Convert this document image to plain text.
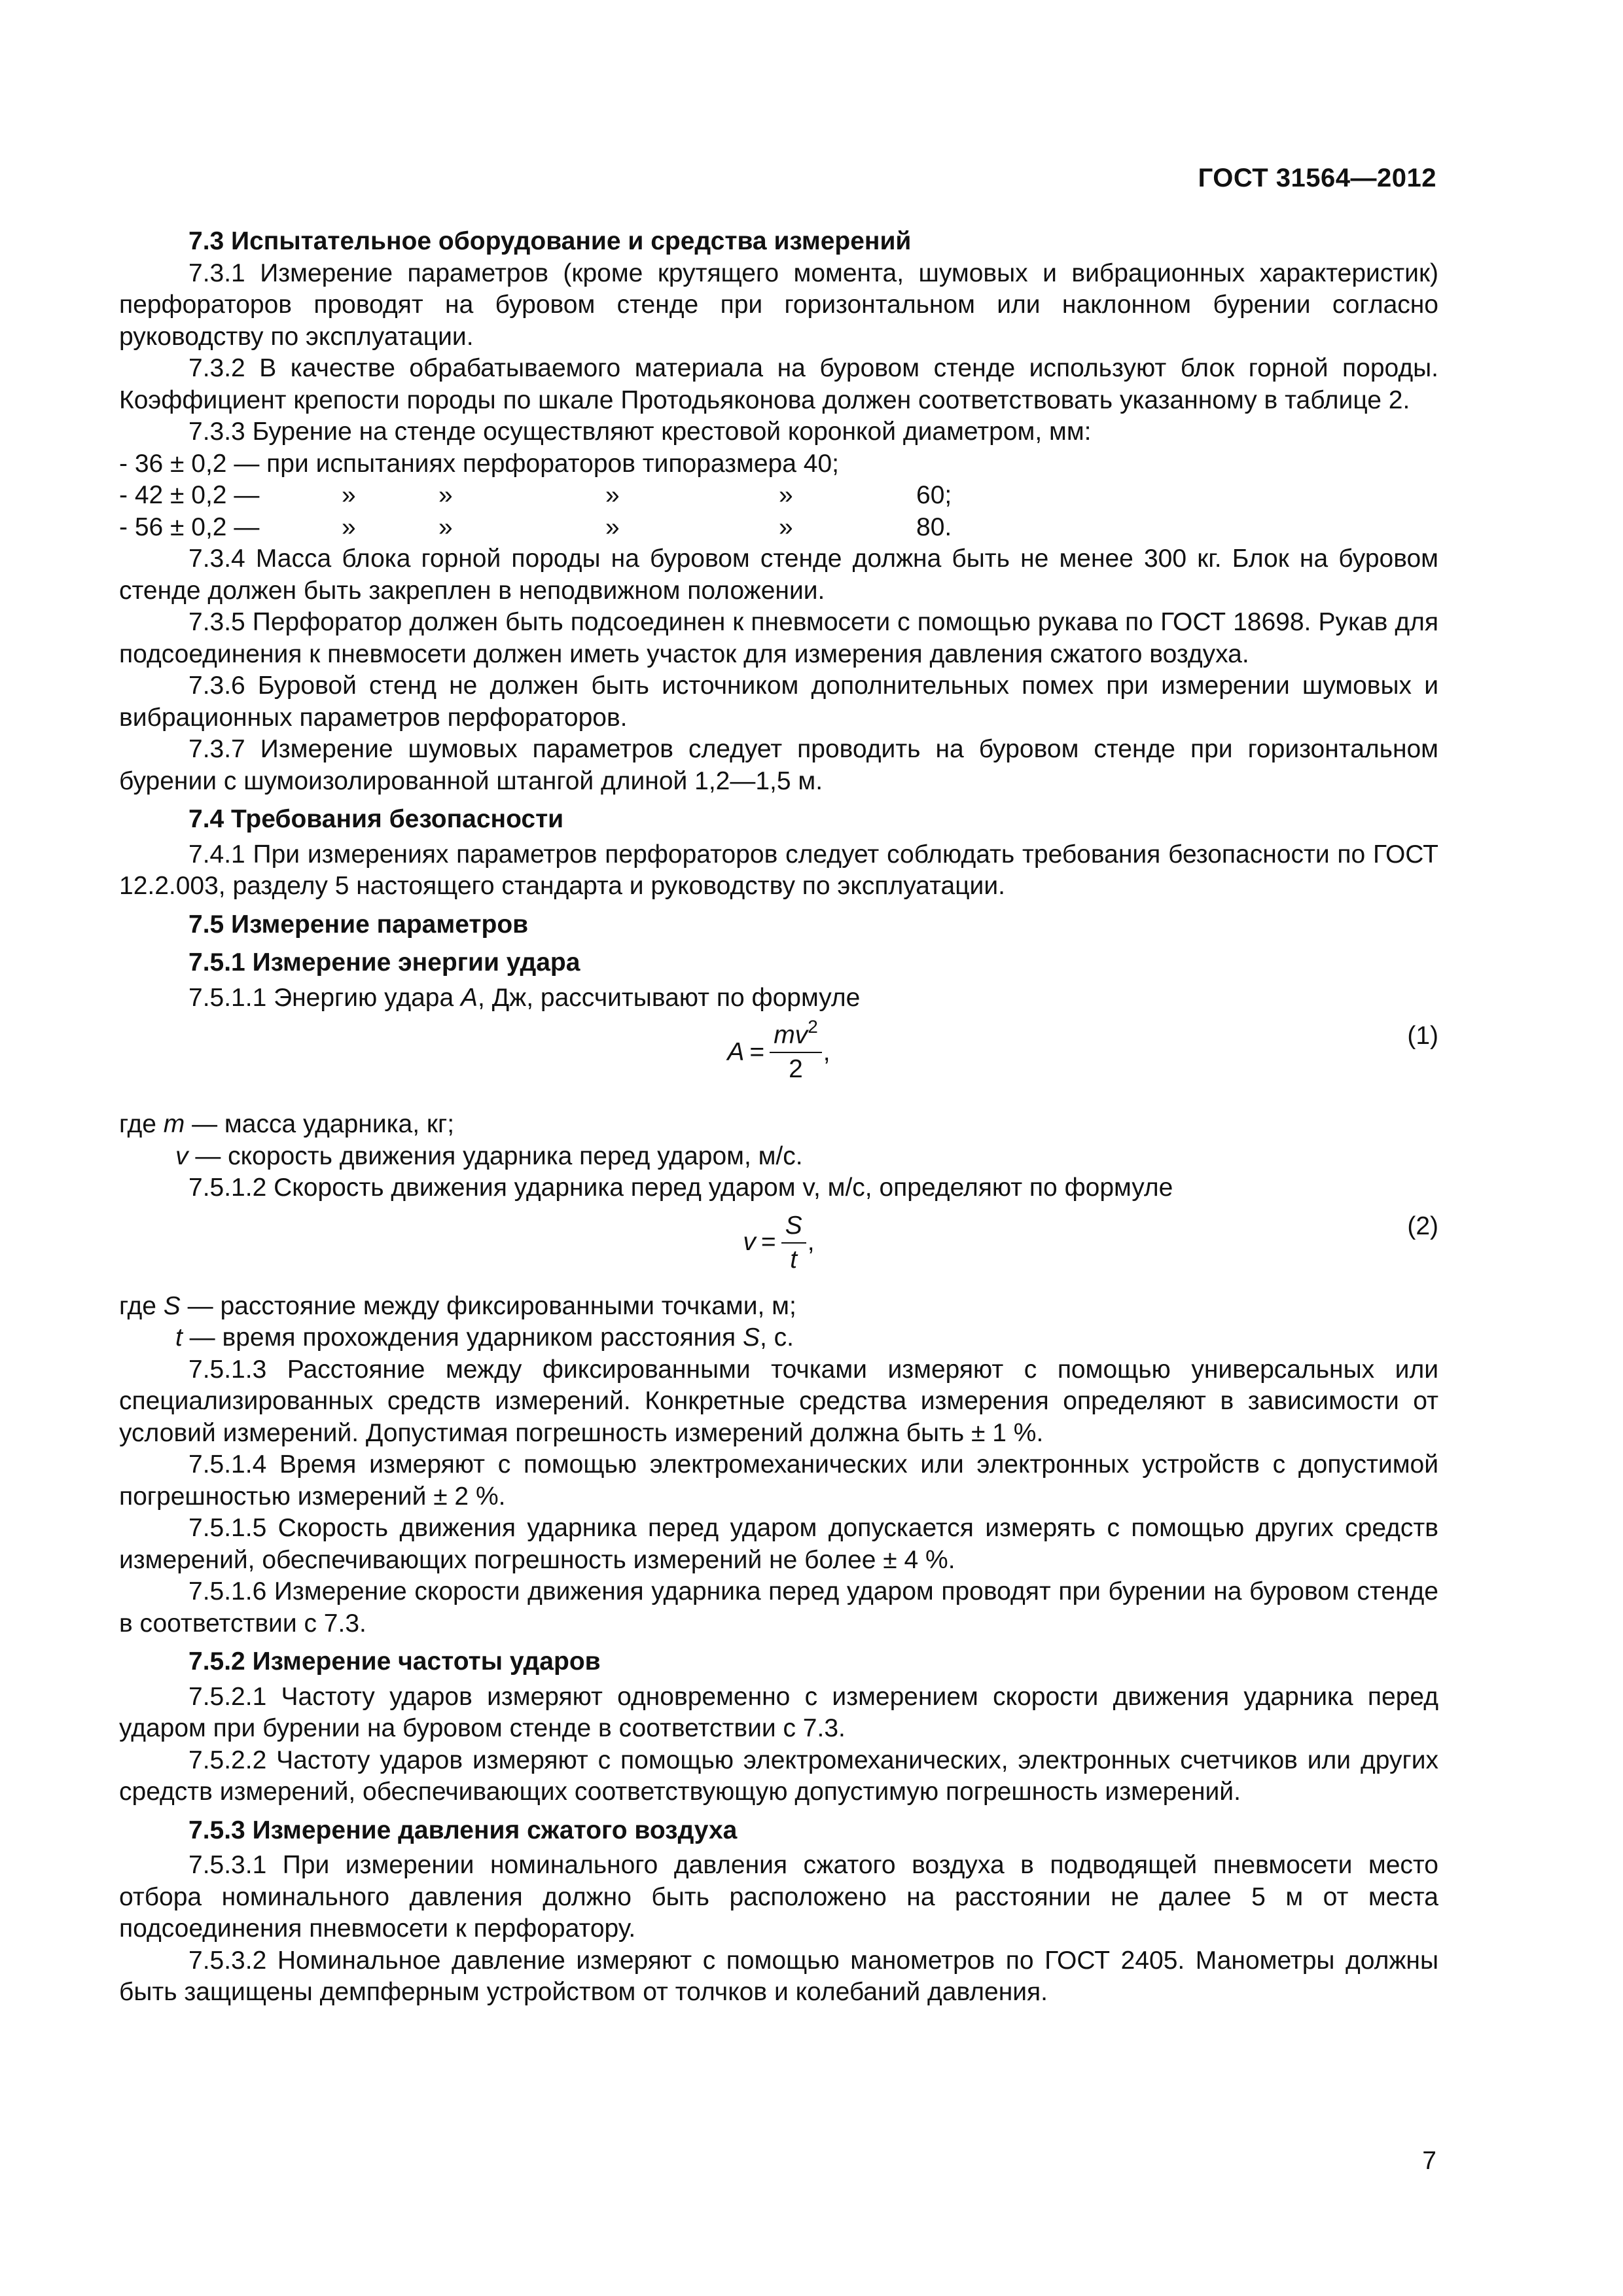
ГОСТ 31564—2012
7.3 Испытательное оборудование и средства измерений

7.3.1 Измерение параметров (кроме крутящего момента, шумовых и вибрационных характеристик) перфораторов проводят на буровом стенде при горизонтальном или наклонном бурении согласно руководству по эксплуатации.

7.3.2 В качестве обрабатываемого материала на буровом стенде используют блок горной породы. Коэффициент крепости породы по шкале Протодьяконова должен соответствовать указанному в таблице 2.

7.3.3 Бурение на стенде осуществляют крестовой коронкой диаметром, мм:

- 36 ± 0,2 — при испытаниях перфораторов типоразмера 40;
- 42 ± 0,2 —	»	»	»	»	60;
- 56 ± 0,2 —	»	»	»	»	80.

7.3.4 Масса блока горной породы на буровом стенде должна быть не менее 300 кг. Блок на буровом стенде должен быть закреплен в неподвижном положении.

7.3.5 Перфоратор должен быть подсоединен к пневмосети с помощью рукава по ГОСТ 18698. Рукав для подсоединения к пневмосети должен иметь участок для измерения давления сжатого воздуха.

7.3.6 Буровой стенд не должен быть источником дополнительных помех при измерении шумовых и вибрационных параметров перфораторов.

7.3.7 Измерение шумовых параметров следует проводить на буровом стенде при горизонтальном бурении с шумоизолированной штангой длиной 1,2—1,5 м.

7.4 Требования безопасности

7.4.1 При измерениях параметров перфораторов следует соблюдать требования безопасности по ГОСТ 12.2.003, разделу 5 настоящего стандарта и руководству по эксплуатации.

7.5 Измерение параметров
7.5.1 Измерение энергии удара

7.5.1.1 Энергию удара A, Дж, рассчитывают по формуле

$A = \frac{mv^2}{2}$ ,
(1)

где m — масса ударника, кг;

v — скорость движения ударника перед ударом, м/с.

7.5.1.2 Скорость движения ударника перед ударом v, м/с, определяют по формуле

$v = \frac{S}{t}$ ,
(2)

где S — расстояние между фиксированными точками, м;

t — время прохождения ударником расстояния S, с.

7.5.1.3 Расстояние между фиксированными точками измеряют с помощью универсальных или специализированных средств измерений. Конкретные средства измерения определяют в зависимости от условий измерений. Допустимая погрешность измерений должна быть ± 1 %.

7.5.1.4 Время измеряют с помощью электромеханических или электронных устройств с допустимой погрешностью измерений ± 2 %.

7.5.1.5 Скорость движения ударника перед ударом допускается измерять с помощью других средств измерений, обеспечивающих погрешность измерений не более ± 4 %.

7.5.1.6 Измерение скорости движения ударника перед ударом проводят при бурении на буровом стенде в соответствии с 7.3.

7.5.2 Измерение частоты ударов

7.5.2.1 Частоту ударов измеряют одновременно с измерением скорости движения ударника перед ударом при бурении на буровом стенде в соответствии с 7.3.

7.5.2.2 Частоту ударов измеряют с помощью электромеханических, электронных счетчиков или других средств измерений, обеспечивающих соответствующую допустимую погрешность измерений.

7.5.3 Измерение давления сжатого воздуха

7.5.3.1 При измерении номинального давления сжатого воздуха в подводящей пневмосети место отбора номинального давления должно быть расположено на расстоянии не далее 5 м от места подсоединения пневмосети к перфоратору.

7.5.3.2 Номинальное давление измеряют с помощью манометров по ГОСТ 2405. Манометры должны быть защищены демпферным устройством от толчков и колебаний давления.

7
